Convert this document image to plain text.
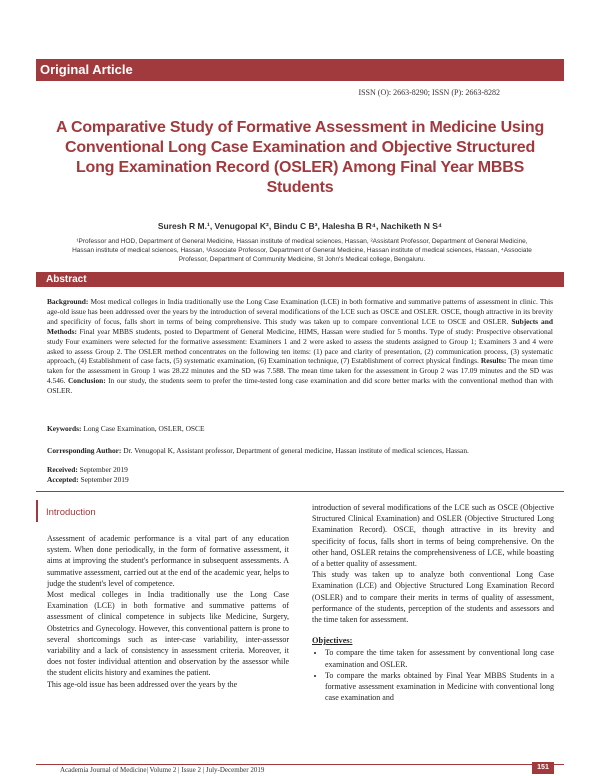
Original Article
ISSN (O): 2663-8290; ISSN (P): 2663-8282
A Comparative Study of Formative Assessment in Medicine Using
Conventional Long Case Examination and Objective Structured
Long Examination Record (OSLER) Among Final Year MBBS
Students
Suresh R M.¹, Venugopal K², Bindu C B³, Halesha B R⁴, Nachiketh N S⁴
¹Professor and HOD, Department of General Medicine, Hassan institute of medical sciences, Hassan, ²Assistant Professor, Department of General Medicine, Hassan institute of medical sciences, Hassan, ³Associate Professor, Department of General Medicine, Hassan institute of medical sciences, Hassan, ⁴Associate Professor, Department of Community Medicine, St John's Medical college, Bengaluru.
Abstract
Background: Most medical colleges in India traditionally use the Long Case Examination (LCE) in both formative and summative patterns of assessment in clinic. This age-old issue has been addressed over the years by the introduction of several modifications of the LCE such as OSCE and OSLER. OSCE, though attractive in its brevity and specificity of focus, falls short in terms of being comprehensive. This study was taken up to compare conventional LCE to OSCE and OSLER. Subjects and Methods: Final year MBBS students, posted to Department of General Medicine, HIMS, Hassan were studied for 5 months. Type of study: Prospective observational study Four examiners were selected for the formative assessment: Examiners 1 and 2 were asked to assess the students assigned to Group 1; Examiners 3 and 4 were asked to assess Group 2. The OSLER method concentrates on the following ten items: (1) pace and clarity of presentation, (2) communication process, (3) systematic approach, (4) Establishment of case facts, (5) systematic examination, (6) Examination technique, (7) Establishment of correct physical findings. Results: The mean time taken for the assessment in Group 1 was 28.22 minutes and the SD was 7.588. The mean time taken for the assessment in Group 2 was 17.09 minutes and the SD was 4.546. Conclusion: In our study, the students seem to prefer the time-tested long case examination and did score better marks with the conventional method than with OSLER.
Keywords: Long Case Examination, OSLER, OSCE
Corresponding Author: Dr. Venugopal K, Assistant professor, Department of general medicine, Hassan institute of medical sciences, Hassan.
Received: September 2019
Accepted: September 2019
Introduction

Assessment of academic performance is a vital part of any education system. When done periodically, in the form of formative assessment, it aims at improving the student's performance in subsequent assessments. A summative assessment, carried out at the end of the academic year, helps to judge the student's level of competence.

Most medical colleges in India traditionally use the Long Case Examination (LCE) in both formative and summative patterns of assessment of clinical competence in subjects like Medicine, Surgery, Obstetrics and Gynecology. However, this conventional pattern is prone to several shortcomings such as inter-case variability, inter-assessor variability and a lack of consistency in assessment criteria. Moreover, it does not foster individual attention and observation by the assessor while the student elicits history and examines the patient.

This age-old issue has been addressed over the years by the

introduction of several modifications of the LCE such as OSCE (Objective Structured Clinical Examination) and OSLER (Objective Structured Long Examination Record). OSCE, though attractive in its brevity and specificity of focus, falls short in terms of being comprehensive. On the other hand, OSLER retains the comprehensiveness of LCE, while boasting of a better quality of assessment.

This study was taken up to analyze both conventional Long Case Examination (LCE) and Objective Structured Long Examination Record (OSLER) and to compare their merits in terms of quality of assessment, performance of the students, perception of the students and assessors and the time taken for assessment.

Objectives:

• To compare the time taken for assessment by conventional long case examination and OSLER.
• To compare the marks obtained by Final Year MBBS Students in a formative assessment examination in Medicine with conventional long case examination and
Academia Journal of Medicine| Volume 2 | Issue 2 | July-December 2019	151
